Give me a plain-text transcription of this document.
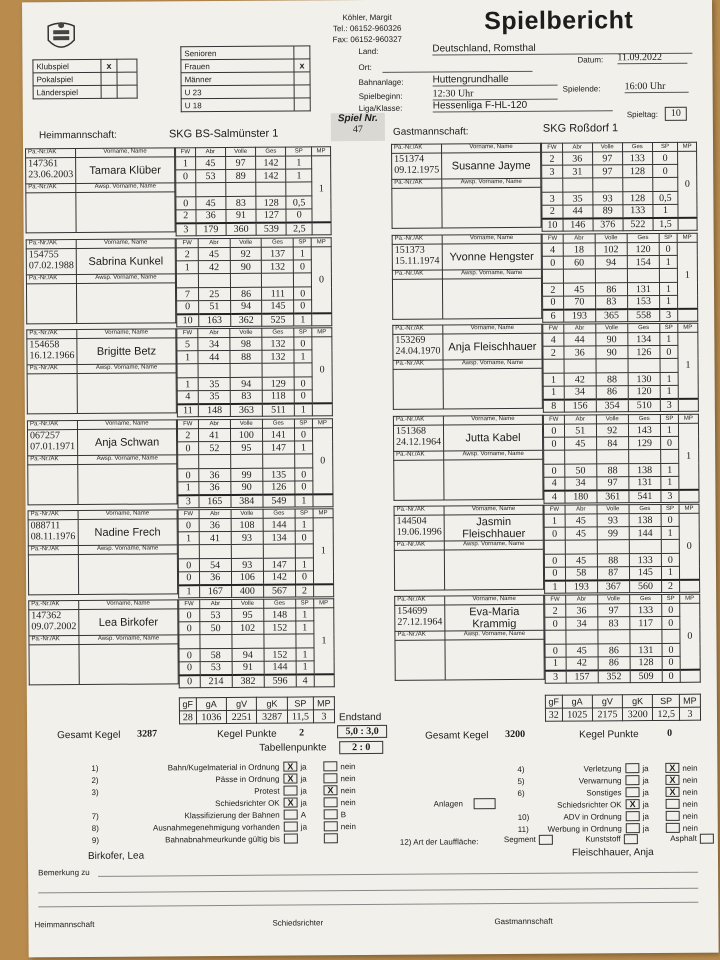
Köhler, Margit
Tel.: 06152-960326
Fax: 06152-960327
Spielbericht
Klubspiel	x	
Pokalspiel		
Länderspiel		
Senioren	
Frauen	x
Männer	
U 23	
U 18	
Land:	Deutschland, Romsthal
Ort:
Datum: 11.09.2022
Bahnanlage:	Huttengrundhalle
Spielbeginn:	12:30 Uhr	Spielende: 16:00 Uhr
Liga/Klasse:	Hessenliga F-HL-120
Spieltag:	10
Spiel Nr.
47
Heimmannschaft:	SKG BS-Salmünster 1	Gastmannschaft:	SKG Roßdorf 1
Pa.-Nr./AK	Vorname, Name

147361
23.06.2003	Tamara Klüber
Pa.-Nr./AK	Awsp. Vorname, Name

FW	Abr	Volle	Ges	SP	MP
1	45	97	142	1	1
0	53	89	142	1	

0	45	83	128	0,5	
2	36	91	127	0	
3	179	360	539	2,5	
Pa.-Nr./AK	Vorname, Name

154755
07.02.1988	Sabrina Kunkel
Pa.-Nr./AK	Awsp. Vorname, Name

FW	Abr	Volle	Ges	SP	MP
2	45	92	137	1	0
1	42	90	132	0	

7	25	86	111	0	
0	51	94	145	0	
10	163	362	525	1	
Pa.-Nr./AK	Vorname, Name

154658
16.12.1966	Brigitte Betz
Pa.-Nr./AK	Awsp. Vorname, Name

FW	Abr	Volle	Ges	SP	MP
5	34	98	132	0	0
1	44	88	132	1	

1	35	94	129	0	
4	35	83	118	0	
11	148	363	511	1	
Pa.-Nr./AK	Vorname, Name

067257
07.01.1971	Anja Schwan
Pa.-Nr./AK	Awsp. Vorname, Name

FW	Abr	Volle	Ges	SP	MP
2	41	100	141	0	0
0	52	95	147	1	

0	36	99	135	0	
1	36	90	126	0	
3	165	384	549	1	
Pa.-Nr./AK	Vorname, Name

088711
08.11.1976	Nadine Frech
Pa.-Nr./AK	Awsp. Vorname, Name

FW	Abr	Volle	Ges	SP	MP
0	36	108	144	1	1
1	41	93	134	0	

0	54	93	147	1	
0	36	106	142	0	
1	167	400	567	2	
Pa.-Nr./AK	Vorname, Name

147362
09.07.2002	Lea Birkofer
Pa.-Nr./AK	Awsp. Vorname, Name

FW	Abr	Volle	Ges	SP	MP
0	53	95	148	1	1
0	50	102	152	1	

0	58	94	152	1	
0	53	91	144	1	
0	214	382	596	4	
Pa.-Nr./AK	Vorname, Name

151374
09.12.1975	Susanne Jayme
Pa.-Nr./AK	Awsp. Vorname, Name

FW	Abr	Volle	Ges	SP	MP
2	36	97	133	0	0
3	31	97	128	0	

3	35	93	128	0,5	
2	44	89	133	1	
10	146	376	522	1,5	
Pa.-Nr./AK	Vorname, Name

151373
15.11.1974	Yvonne Hengster
Pa.-Nr./AK	Awsp. Vorname, Name

FW	Abr	Volle	Ges	SP	MP
4	18	102	120	0	1
0	60	94	154	1	

2	45	86	131	1	
0	70	83	153	1	
6	193	365	558	3	
Pa.-Nr./AK	Vorname, Name

153269
24.04.1970	Anja Fleischhauer
Pa.-Nr./AK	Awsp. Vorname, Name

FW	Abr	Volle	Ges	SP	MP
4	44	90	134	1	1
2	36	90	126	0	

1	42	88	130	1	
1	34	86	120	1	
8	156	354	510	3	
Pa.-Nr./AK	Vorname, Name

151368
24.12.1964	Jutta Kabel
Pa.-Nr./AK	Awsp. Vorname, Name

FW	Abr	Volle	Ges	SP	MP
0	51	92	143	1	1
0	45	84	129	0	

0	50	88	138	1	
4	34	97	131	1	
4	180	361	541	3	
Pa.-Nr./AK	Vorname, Name

144504
19.06.1996	Jasmin Fleischhauer
Pa.-Nr./AK	Awsp. Vorname, Name

FW	Abr	Volle	Ges	SP	MP
1	45	93	138	0	0
0	45	99	144	1	

0	45	88	133	0	
0	58	87	145	1	
1	193	367	560	2	
Pa.-Nr./AK	Vorname, Name

154699
27.12.1964	Eva-Maria Krammig
Pa.-Nr./AK	Awsp. Vorname, Name

FW	Abr	Volle	Ges	SP	MP
2	36	97	133	0	0
0	34	83	117	0	

0	45	86	131	0	
1	42	86	128	0	
3	157	352	509	0	
gF	gA	gV	gK	SP	MP
28	1036	2251	3287	11,5	3
gF	gA	gV	gK	SP	MP
32	1025	2175	3200	12,5	3
Endstand
Gesamt Kegel 3287	Kegel Punkte 2	5,0 : 3,0
Tabellenpunkte	2 : 0
Gesamt Kegel 3200	Kegel Punkte	0
1)	Bahn/Kugelmaterial in Ordnung X ja	nein
2)	Pässe in Ordnung X ja	nein
3)	Protest	ja	X nein
Schiedsrichter OK X ja	nein
7)	Klassifizierung der Bahnen	A	B
8)	Ausnahmegenehmigung vorhanden	ja	nein
9)	Bahnabnahmeurkunde gültig bis
4)	Verletzung	ja	X nein
5)	Verwarnung	ja	X nein
6)	Sonstiges	ja	X nein
Schiedsrichter OK X ja	nein
10)	ADV in Ordnung	ja	nein
11)	Werbung in Ordnung	ja	nein
Anlagen
12) Art der Lauffläche:	Segment	Kunststoff	Asphalt
Birkofer, Lea	Fleischhauer, Anja
Bemerkung zu
Heimmannschaft	Schiedsrichter	Gastmannschaft
